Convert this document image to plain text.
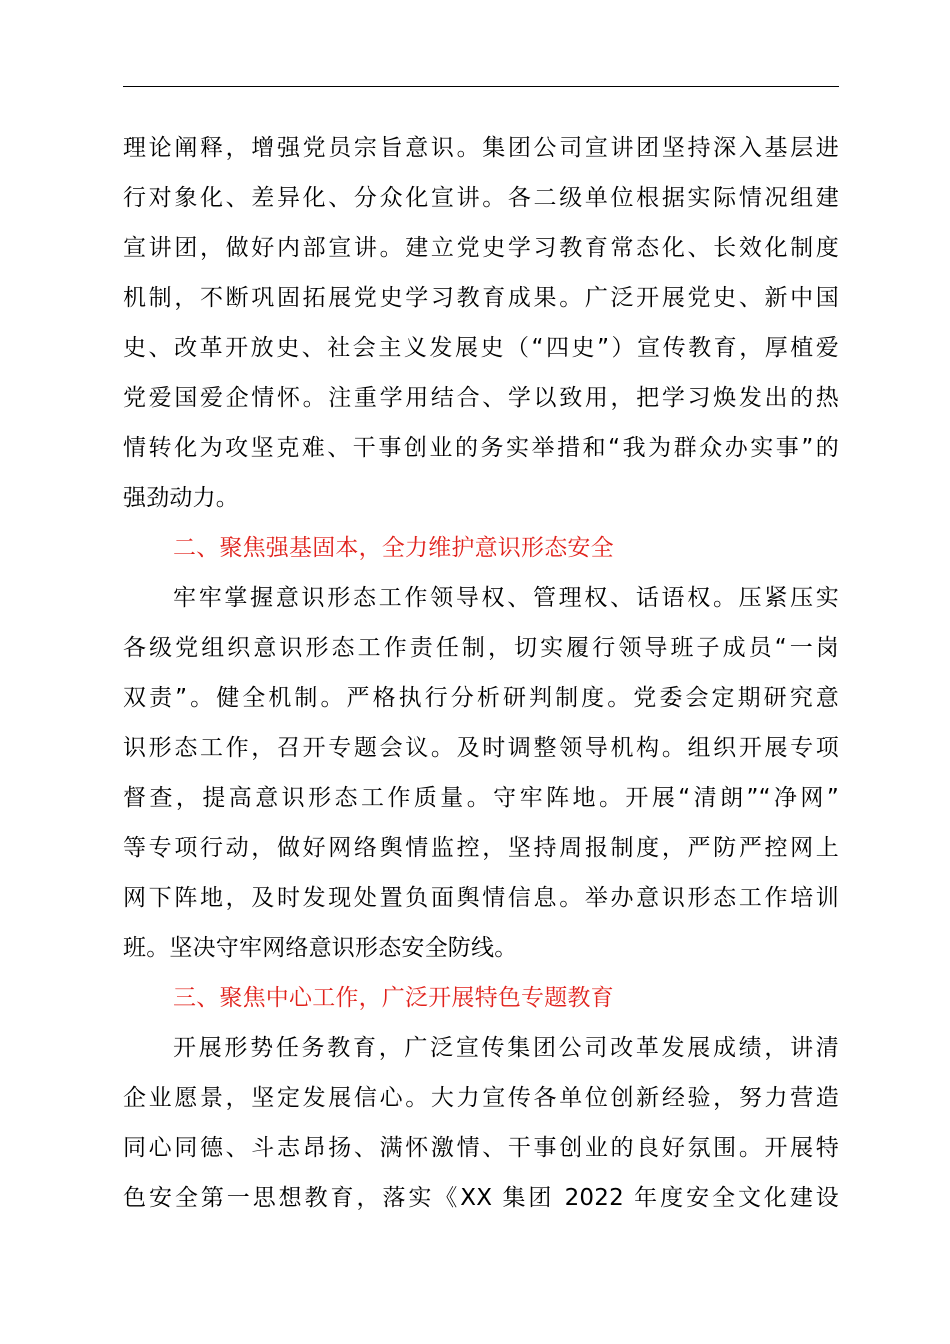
理论阐释，增强党员宗旨意识。集团公司宣讲团坚持深入基层进
行对象化、差异化、分众化宣讲。各二级单位根据实际情况组建
宣讲团，做好内部宣讲。建立党史学习教育常态化、长效化制度
机制，不断巩固拓展党史学习教育成果。广泛开展党史、新中国
史、改革开放史、社会主义发展史（“四史”）宣传教育，厚植爱
党爱国爱企情怀。注重学用结合、学以致用，把学习焕发出的热
情转化为攻坚克难、干事创业的务实举措和“我为群众办实事”的
强劲动力。
二、聚焦强基固本，全力维护意识形态安全
牢牢掌握意识形态工作领导权、管理权、话语权。压紧压实
各级党组织意识形态工作责任制，切实履行领导班子成员“一岗
双责”。健全机制。严格执行分析研判制度。党委会定期研究意
识形态工作，召开专题会议。及时调整领导机构。组织开展专项
督查，提高意识形态工作质量。守牢阵地。开展“清朗”“净网”
等专项行动，做好网络舆情监控，坚持周报制度，严防严控网上
网下阵地，及时发现处置负面舆情信息。举办意识形态工作培训
班。坚决守牢网络意识形态安全防线。
三、聚焦中心工作，广泛开展特色专题教育
开展形势任务教育，广泛宣传集团公司改革发展成绩，讲清
企业愿景，坚定发展信心。大力宣传各单位创新经验，努力营造
同心同德、斗志昂扬、满怀激情、干事创业的良好氛围。开展特
色安全第一思想教育，落实《XX 集团 2022 年度安全文化建设
